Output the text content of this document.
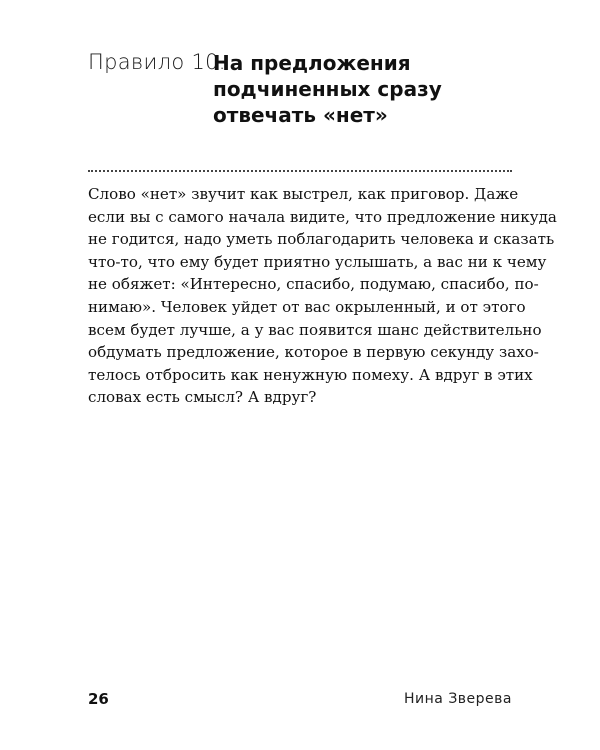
Правило 10.
На предложения
подчиненных сразу
отвечать «нет»
Слово «нет» звучит как выстрел, как приговор. Даже
если вы с самого начала видите, что предложение никуда
не годится, надо уметь поблагодарить человека и сказать
что-то, что ему будет приятно услышать, а вас ни к чему
не обяжет: «Интересно, спасибо, подумаю, спасибо, по-
нимаю». Человек уйдет от вас окрыленный, и от этого
всем будет лучше, а у вас появится шанс действительно
обдумать предложение, которое в первую секунду захо-
телось отбросить как ненужную помеху. А вдруг в этих
словах есть смысл? А вдруг?
26	Нина Зверева
